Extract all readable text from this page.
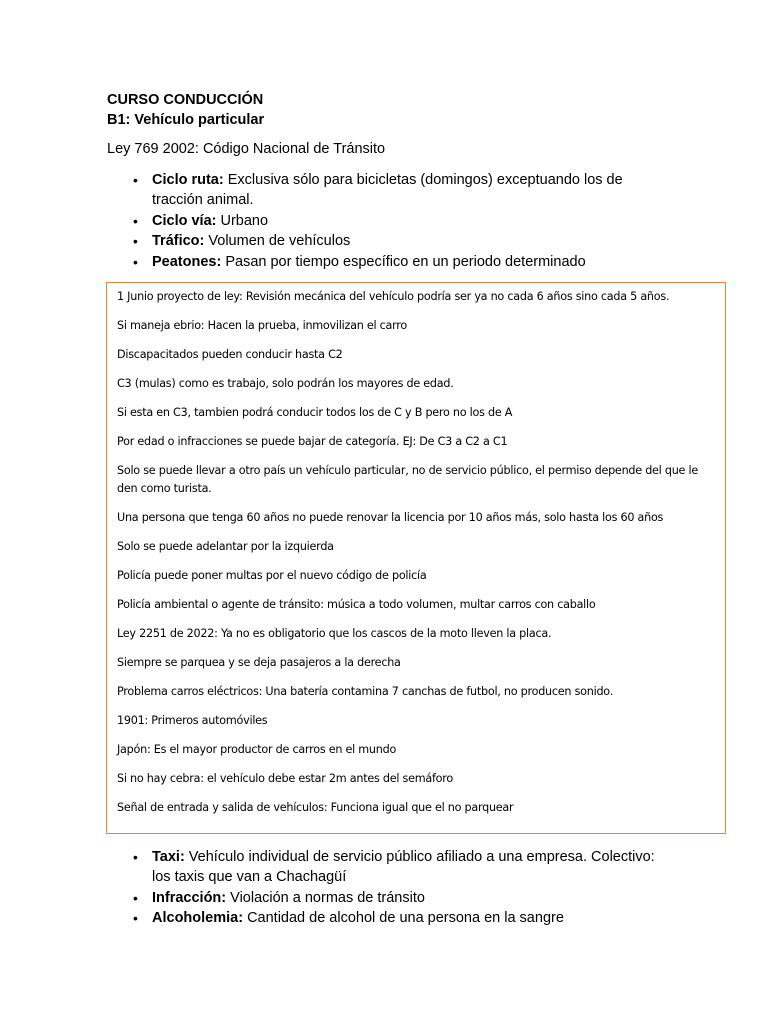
CURSO CONDUCCIÓN
B1: Vehículo particular
Ley 769 2002: Código Nacional de Tránsito
• Ciclo ruta: Exclusiva sólo para bicicletas (domingos) exceptuando los de tracción animal.
• Ciclo vía: Urbano
• Tráfico: Volumen de vehículos
• Peatones: Pasan por tiempo específico en un periodo determinado

1 Junio proyecto de ley: Revisión mecánica del vehículo podría ser ya no cada 6 años sino cada 5 años.

Si maneja ebrio: Hacen la prueba, inmovilizan el carro

Discapacitados pueden conducir hasta C2

C3 (mulas) como es trabajo, solo podrán los mayores de edad.

Si esta en C3, tambien podrá conducir todos los de C y B pero no los de A

Por edad o infracciones se puede bajar de categoría. EJ: De C3 a C2 a C1

Solo se puede llevar a otro país un vehículo particular, no de servicio público, el permiso depende del que le den como turista.

Una persona que tenga 60 años no puede renovar la licencia por 10 años más, solo hasta los 60 años

Solo se puede adelantar por la izquierda

Policía puede poner multas por el nuevo código de policía

Policía ambiental o agente de tránsito: música a todo volumen, multar carros con caballo

Ley 2251 de 2022: Ya no es obligatorio que los cascos de la moto lleven la placa.

Siempre se parquea y se deja pasajeros a la derecha

Problema carros eléctricos: Una batería contamina 7 canchas de futbol, no producen sonido.

1901: Primeros automóviles

Japón: Es el mayor productor de carros en el mundo

Si no hay cebra: el vehículo debe estar 2m antes del semáforo

Señal de entrada y salida de vehículos: Funciona igual que el no parquear

• Taxi: Vehículo individual de servicio público afiliado a una empresa. Colectivo: los taxis que van a Chachagüí
• Infracción: Violación a normas de tránsito
• Alcoholemia: Cantidad de alcohol de una persona en la sangre
